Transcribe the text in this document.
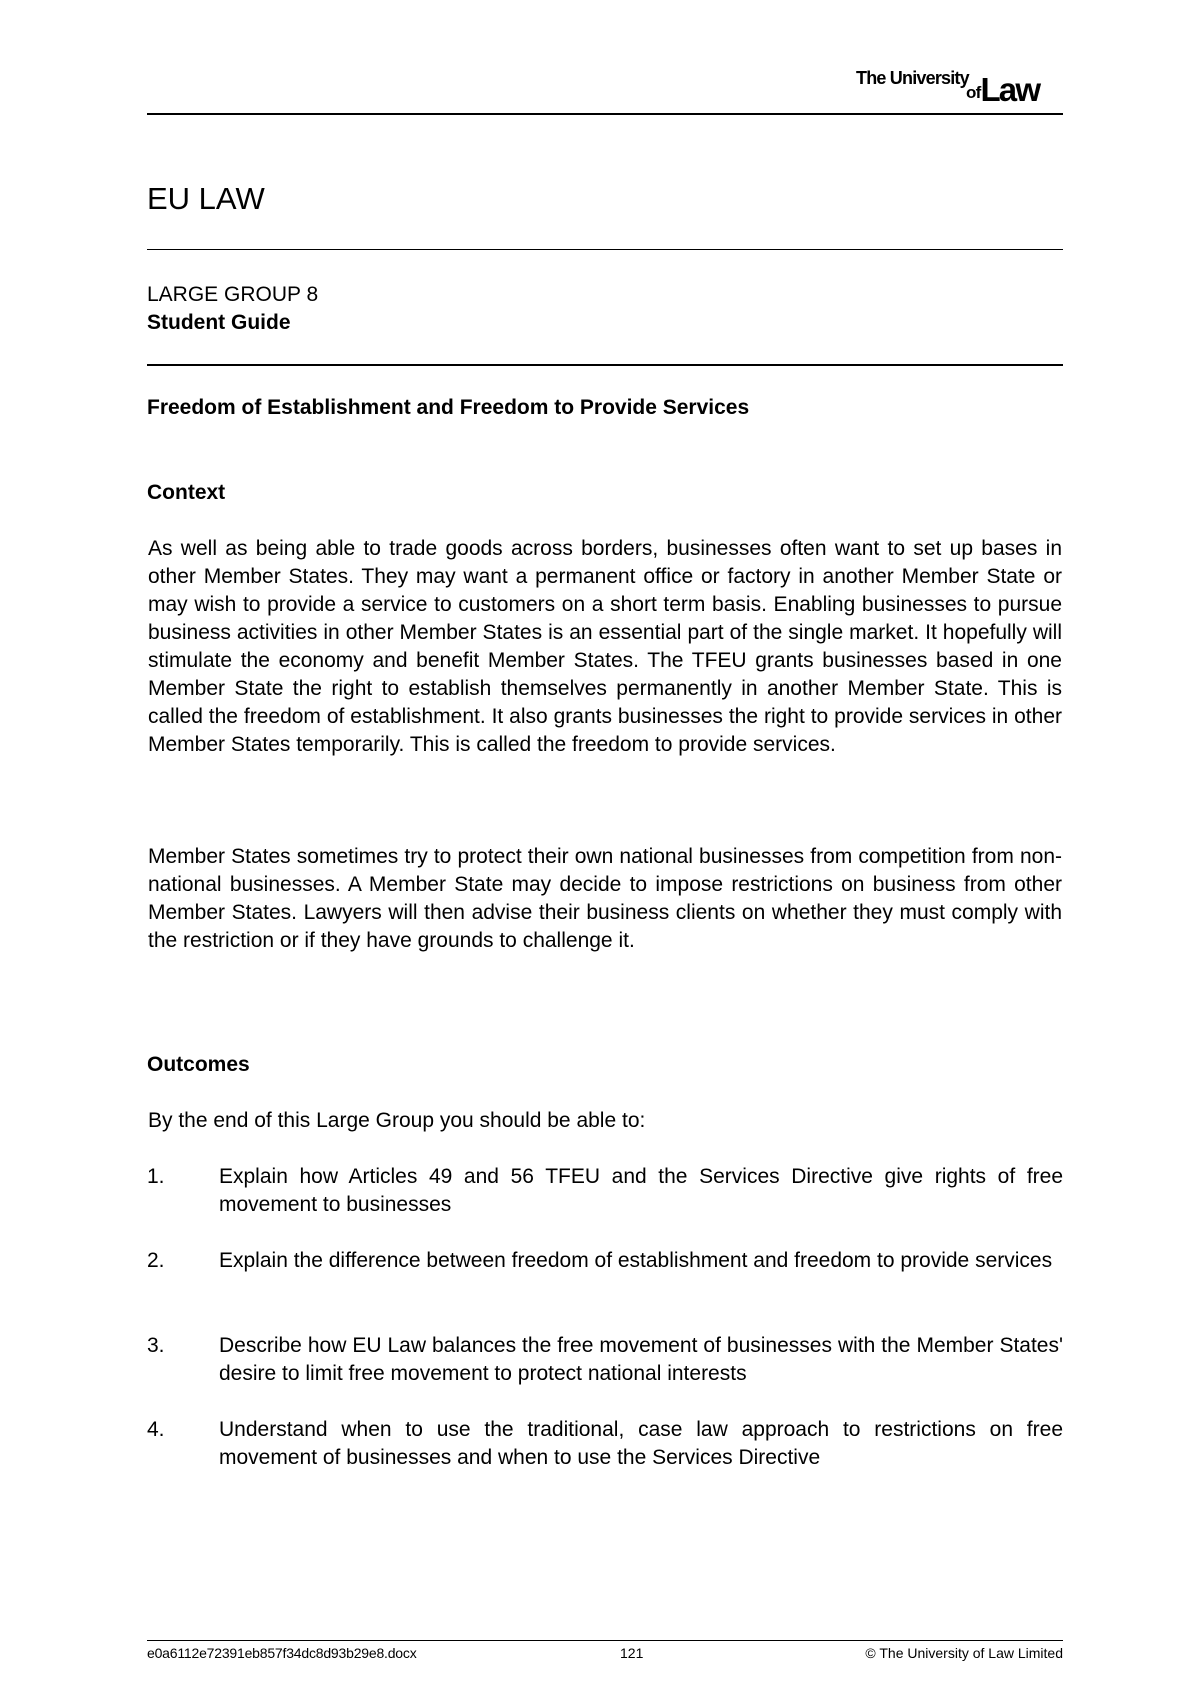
The University
ofLaw
EU LAW
LARGE GROUP 8
Student Guide
Freedom of Establishment and Freedom to Provide Services
Context

As well as being able to trade goods across borders, businesses often want to set up bases in other Member States. They may want a permanent office or factory in another Member State or may wish to provide a service to customers on a short term basis. Enabling businesses to pursue business activities in other Member States is an essential part of the single market. It hopefully will stimulate the economy and benefit Member States. The TFEU grants businesses based in one Member State the right to establish themselves permanently in another Member State. This is called the freedom of establishment. It also grants businesses the right to provide services in other Member States temporarily. This is called the freedom to provide services.

Member States sometimes try to protect their own national businesses from competition from non-national businesses. A Member State may decide to impose restrictions on business from other Member States. Lawyers will then advise their business clients on whether they must comply with the restriction or if they have grounds to challenge it.

Outcomes

By the end of this Large Group you should be able to:

1.	Explain how Articles 49 and 56 TFEU and the Services Directive give rights of free movement to businesses
2.	Explain the difference between freedom of establishment and freedom to provide services
3.	Describe how EU Law balances the free movement of businesses with the Member States' desire to limit free movement to protect national interests
4.	Understand when to use the traditional, case law approach to restrictions on free movement of businesses and when to use the Services Directive
e0a6112e72391eb857f34dc8d93b29e8.docx	121	© The University of Law Limited
